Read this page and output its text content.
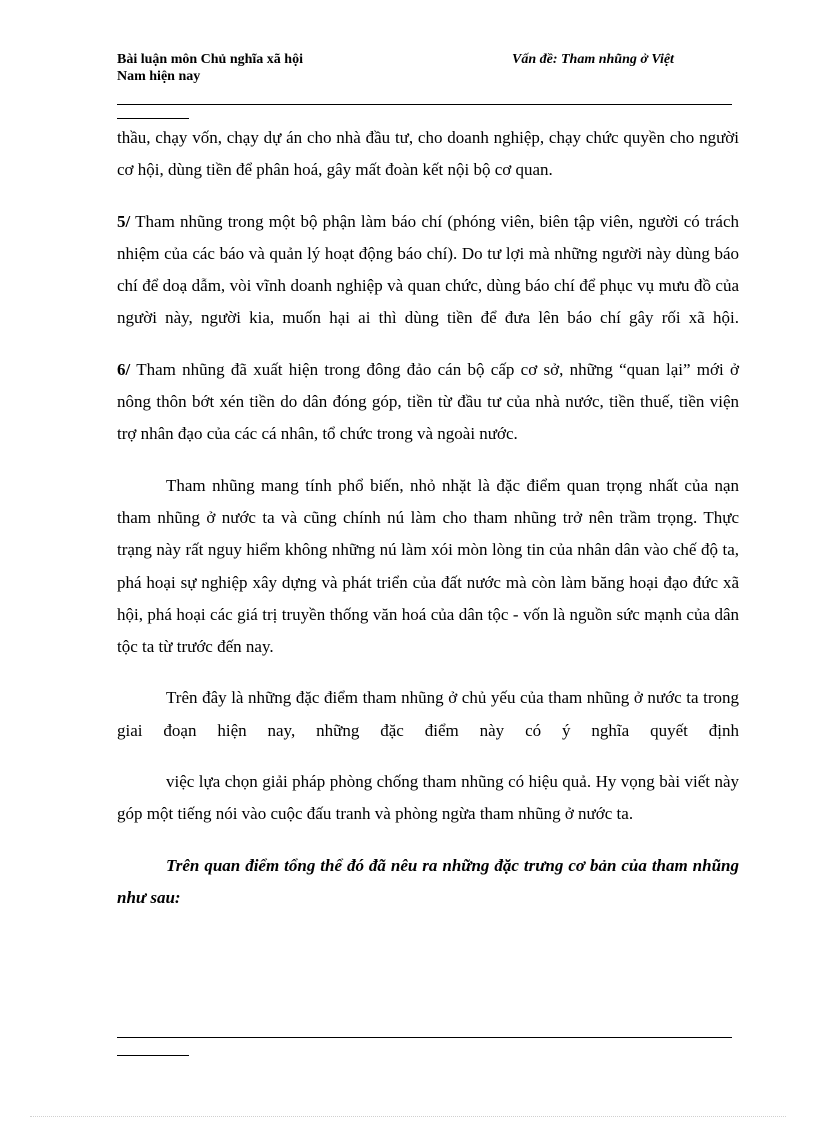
Bài luận môn Chủ nghĩa xã hội
Nam hiện nay
Vấn đề: Tham nhũng ở Việt

thầu, chạy vốn, chạy dự án cho nhà đầu tư, cho doanh nghiệp, chạy chức quyền cho người cơ hội, dùng tiền để phân hoá, gây mất đoàn kết nội bộ cơ quan.

5/ Tham nhũng trong một bộ phận làm báo chí (phóng viên, biên tập viên, người có trách nhiệm của các báo và quản lý hoạt động báo chí). Do tư lợi mà những người này dùng báo chí để doạ dẫm, vòi vĩnh doanh nghiệp và quan chức, dùng báo chí để phục vụ mưu đồ của người này, người kia, muốn hại ai thì dùng tiền để đưa lên báo chí gây rối xã hội.

6/ Tham nhũng đã xuất hiện trong đông đảo cán bộ cấp cơ sở, những “quan lại” mới ở nông thôn bớt xén tiền do dân đóng góp, tiền từ đầu tư của nhà nước, tiền thuế, tiền viện trợ nhân đạo của các cá nhân, tổ chức trong và ngoài nước.

Tham nhũng mang tính phổ biến, nhỏ nhặt là đặc điểm quan trọng nhất của nạn tham nhũng ở nước ta và cũng chính nú làm cho tham nhũng trở nên trầm trọng. Thực trạng này rất nguy hiểm không những nú làm xói mòn lòng tin của nhân dân vào chế độ ta, phá hoại sự nghiệp xây dựng và phát triển của đất nước mà còn làm băng hoại đạo đức xã hội, phá hoại các giá trị truyền thống văn hoá của dân tộc - vốn là nguồn sức mạnh của dân tộc ta từ trước đến nay.

Trên đây là những đặc điểm tham nhũng ở chủ yếu của tham nhũng ở nước ta trong giai đoạn hiện nay, những đặc điểm này có ý nghĩa quyết định

việc lựa chọn giải pháp phòng chống tham nhũng có hiệu quả. Hy vọng bài viết này góp một tiếng nói vào cuộc đấu tranh và phòng ngừa tham nhũng ở nước ta.

Trên quan điểm tổng thể đó đã nêu ra những đặc trưng cơ bản của tham nhũng như sau:
